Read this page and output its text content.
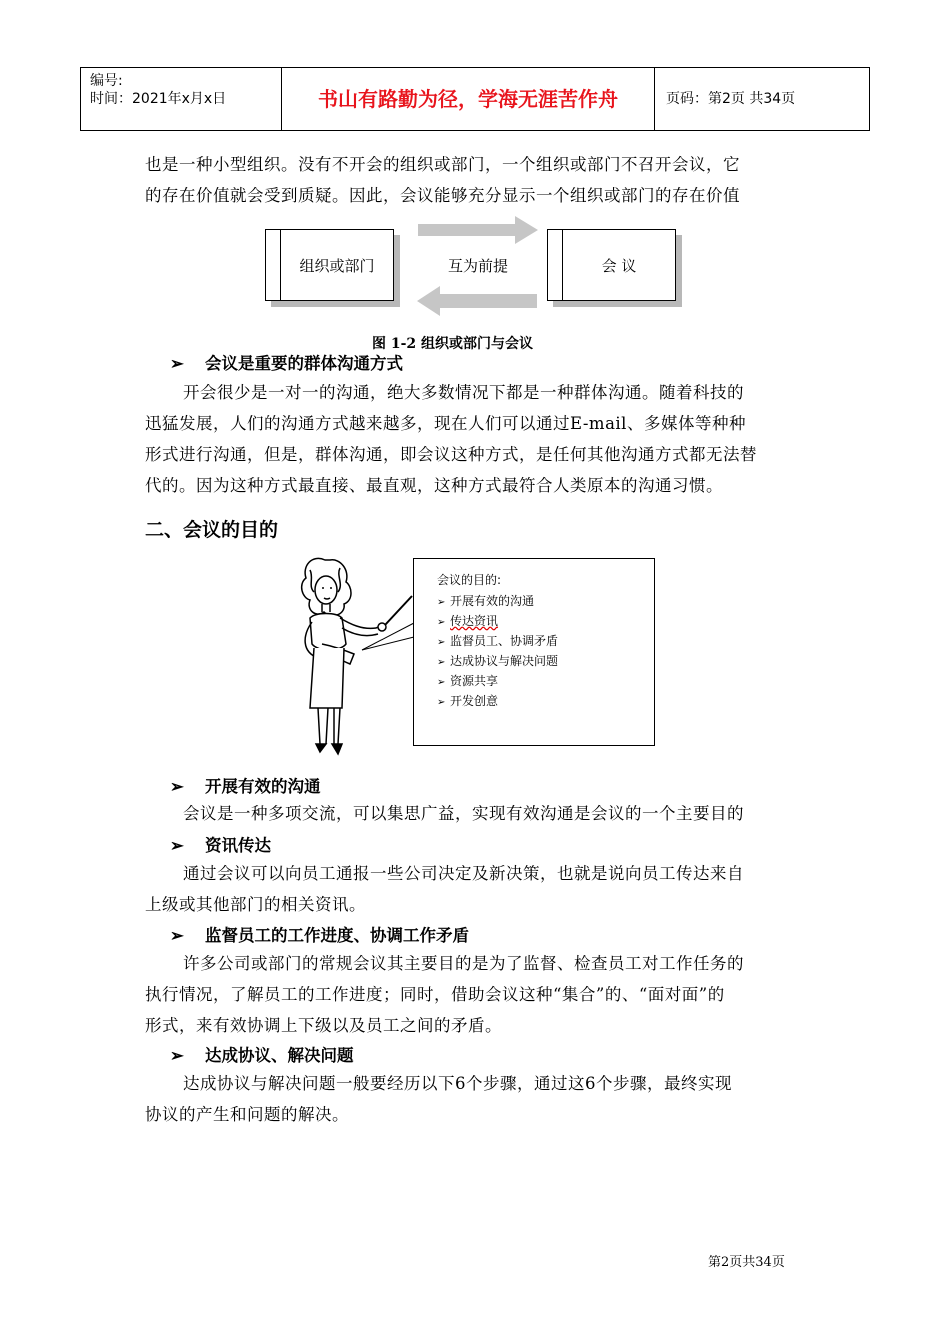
编号:
时间：2021年x月x日	书山有路勤为径，学海无涯苦作舟	页码：第2页 共34页
也是一种小型组织。没有不开会的组织或部门，一个组织或部门不召开会议，它
的存在价值就会受到质疑。因此，会议能够充分显示一个组织或部门的存在价值
组织或部门	会 议
互为前提
图 1-2 组织或部门与会议
➢ 会议是重要的群体沟通方式
开会很少是一对一的沟通，绝大多数情况下都是一种群体沟通。随着科技的
迅猛发展，人们的沟通方式越来越多，现在人们可以通过E-mail、多媒体等种种
形式进行沟通，但是，群体沟通，即会议这种方式，是任何其他沟通方式都无法替
代的。因为这种方式最直接、最直观，这种方式最符合人类原本的沟通习惯。
二、会议的目的
会议的目的:
➢ 开展有效的沟通
➢ 传达资讯
➢ 监督员工、协调矛盾
➢ 达成协议与解决问题
➢ 资源共享
➢ 开发创意
➢ 开展有效的沟通
会议是一种多项交流，可以集思广益，实现有效沟通是会议的一个主要目的
➢ 资讯传达
通过会议可以向员工通报一些公司决定及新决策，也就是说向员工传达来自
上级或其他部门的相关资讯。
➢ 监督员工的工作进度、协调工作矛盾
许多公司或部门的常规会议其主要目的是为了监督、检查员工对工作任务的
执行情况，了解员工的工作进度；同时，借助会议这种“集合”的、“面对面”的
形式，来有效协调上下级以及员工之间的矛盾。
➢ 达成协议、解决问题
达成协议与解决问题一般要经历以下6个步骤，通过这6个步骤，最终实现
协议的产生和问题的解决。
第2页共34页
